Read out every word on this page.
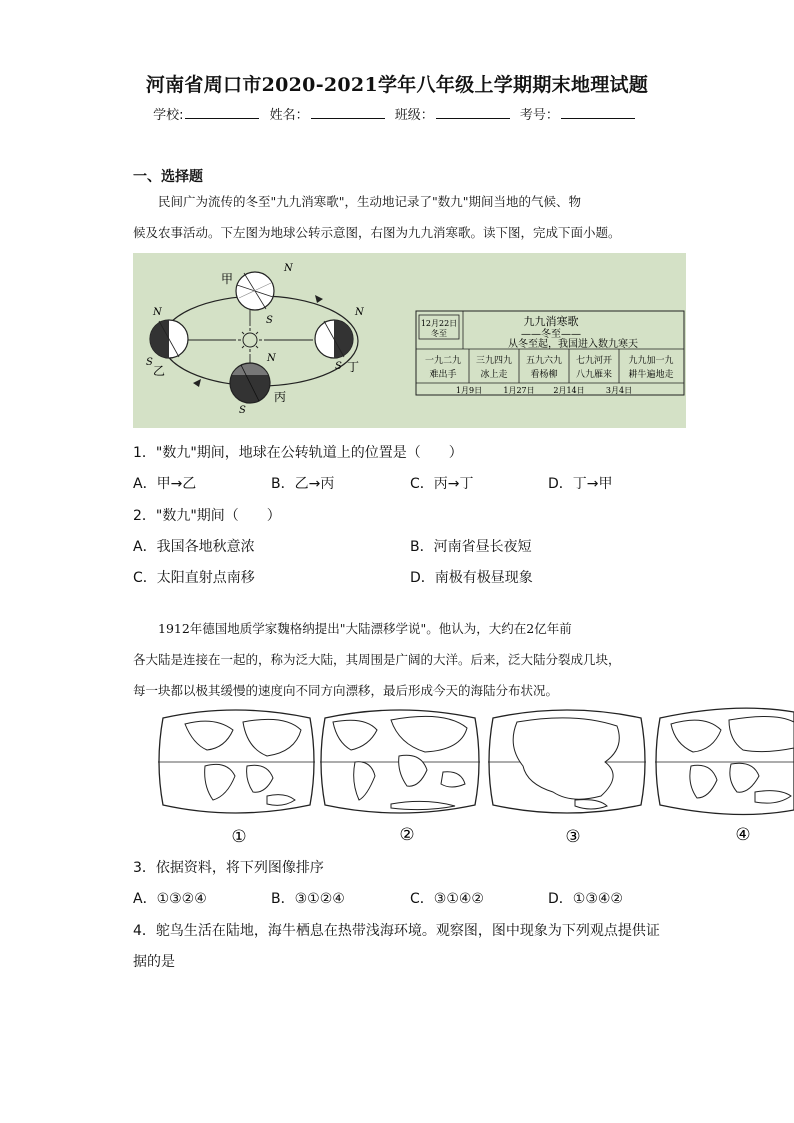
河南省周口市2020-2021学年八年级上学期期末地理试题
学校:	姓名：	班级：	考号：
一、选择题
民间广为流传的冬至"九九消寒歌"，生动地记录了"数九"期间当地的气候、物
候及农事活动。下左图为地球公转示意图，右图为九九消寒歌。读下图，完成下面小题。
甲
乙
丙
丁
N
N	N
N
S	S
S
S	九九消寒歌
——冬至——
从冬至起，我国进入数九寒天
12月22日
冬至
一九二九 三九四九 五九六九 七九河开 九九加一九
难出手	冰上走	看杨柳 八九雁来 耕牛遍地走
1月9日	1月27日 2月14日	3月4日
1．"数九"期间，地球在公转轨道上的位置是（　　）
A．甲→乙	B．乙→丙	C．丙→丁	D．丁→甲
2．"数九"期间（　　）
A．我国各地秋意浓	B．河南省昼长夜短
C．太阳直射点南移	D．南极有极昼现象
1912年德国地质学家魏格纳提出"大陆漂移学说"。他认为，大约在2亿年前
各大陆是连接在一起的，称为泛大陆，其周围是广阔的大洋。后来，泛大陆分裂成几块，
每一块都以极其缓慢的速度向不同方向漂移，最后形成今天的海陆分布状况。
①	②	③	④
3．依据资料，将下列图像排序
A．①③②④	B．③①②④	C．③①④②	D．①③④②
4．鸵鸟生活在陆地，海牛栖息在热带浅海环境。观察图，图中现象为下列观点提供证
据的是
